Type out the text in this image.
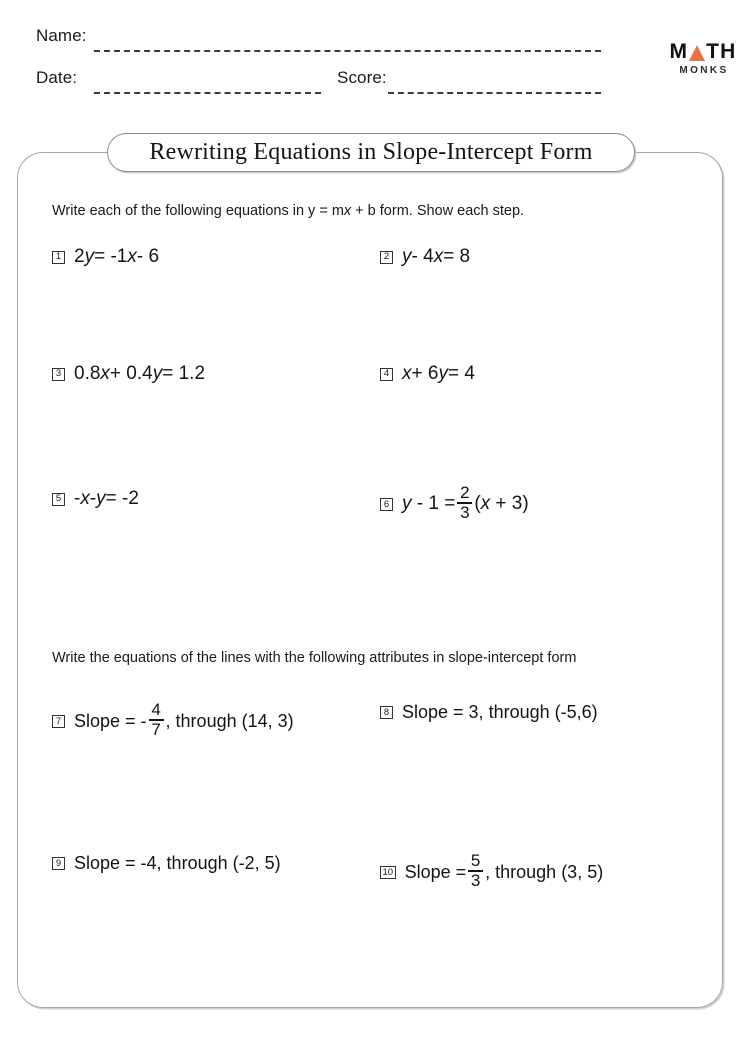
Name:
Date:	Score:
M TH
MONKS
Rewriting Equations in Slope-Intercept Form
Write each of the following equations in y = mx + b form. Show each step.
1 2 y = -1 x - 6	2 y - 4 x = 8
3 0.8 x + 0.4 y = 1.2	4 x + 6 y = 4
5 - x - y = -2	6 $y - 1 = \frac{2}{3} (x + 3)$
Write the equations of the lines with the following attributes in slope-intercept form
7 Slope = - $\frac{4}{7}$ , through (14, 3)	8 Slope = 3, through (-5,6)
9 Slope = -4, through (-2, 5)	10 Slope = $\frac{5}{3}$ , through (3, 5)
